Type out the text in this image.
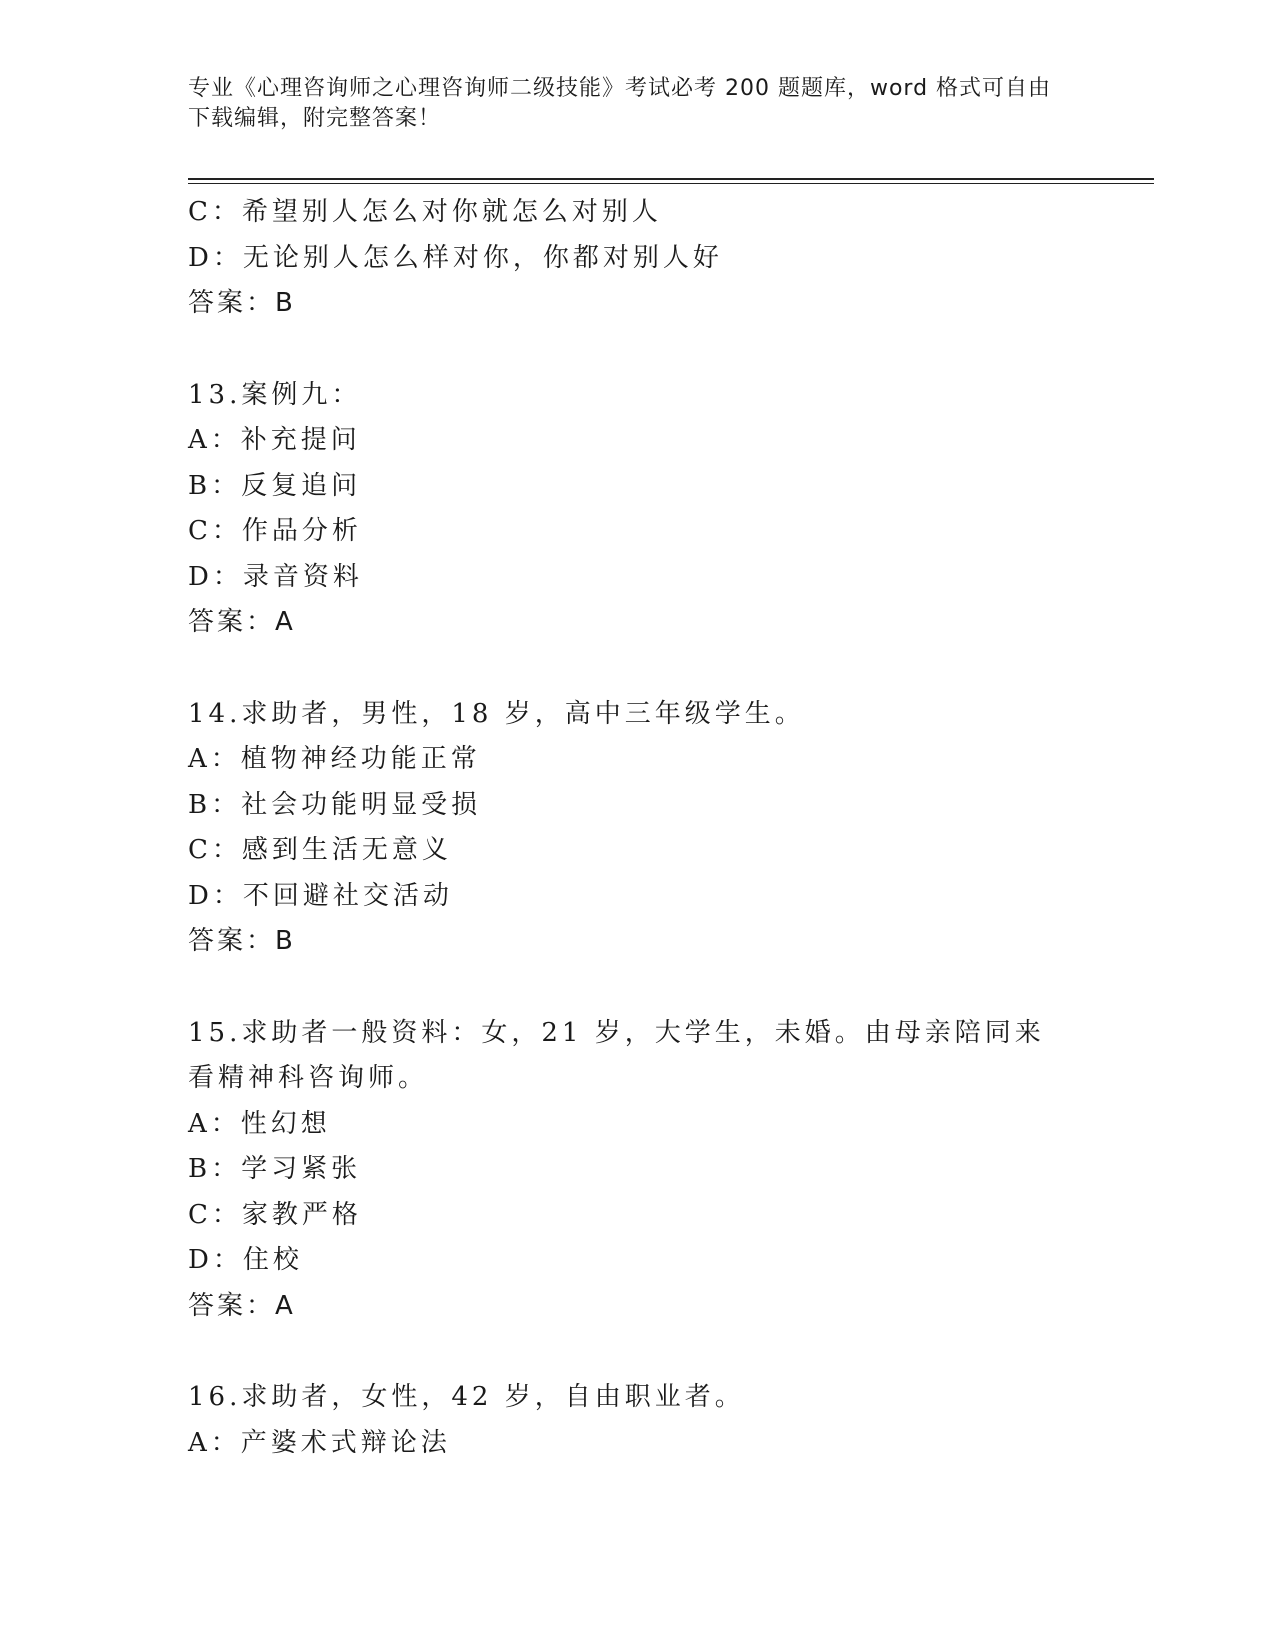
专业《心理咨询师之心理咨询师二级技能》考试必考 200 题题库，word 格式可自由下载编辑，附完整答案！
C：希望别人怎么对你就怎么对别人
D：无论别人怎么样对你，你都对别人好
答案：B
13.案例九：
A：补充提问
B：反复追问
C：作品分析
D：录音资料
答案：A
14.求助者，男性，18 岁，高中三年级学生。
A：植物神经功能正常
B：社会功能明显受损
C：感到生活无意义
D：不回避社交活动
答案：B
15.求助者一般资料：女，21 岁，大学生，未婚。由母亲陪同来看精神科咨询师。
A：性幻想
B：学习紧张
C：家教严格
D：住校
答案：A
16.求助者，女性，42 岁，自由职业者。
A：产婆术式辩论法
